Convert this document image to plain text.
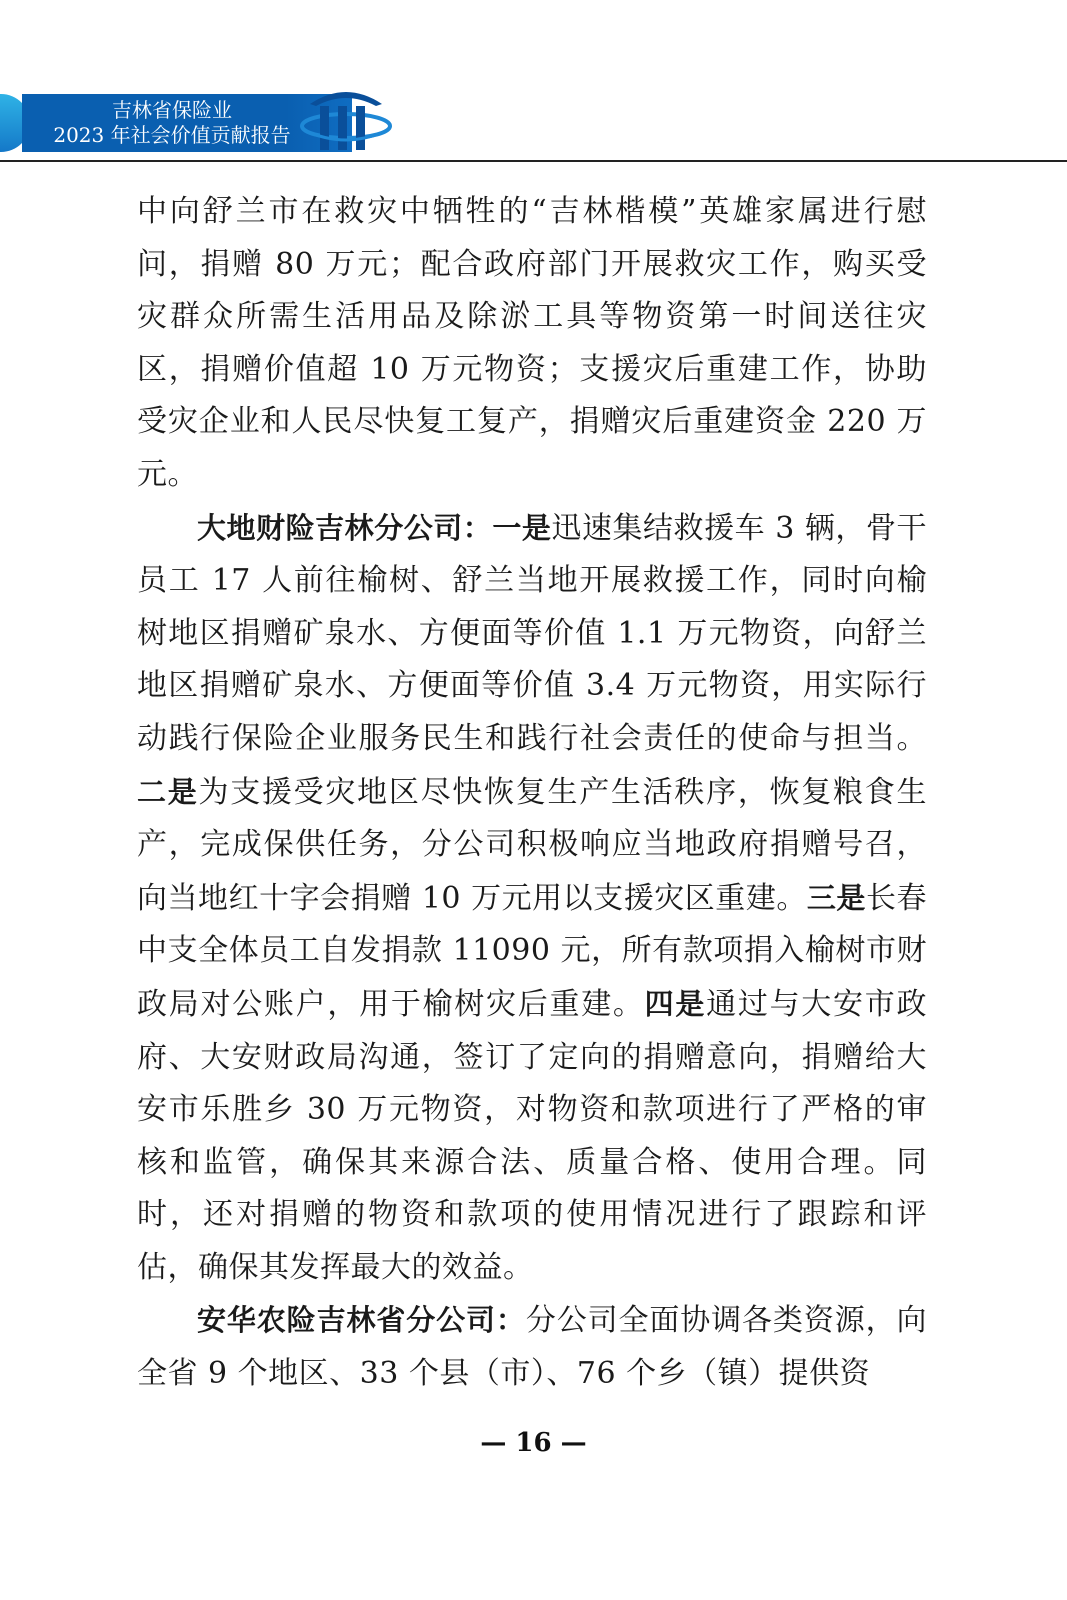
吉林省保险业
2023 年社会价值贡献报告

中向舒兰市在救灾中牺牲的“吉林楷模”英雄家属进行慰问，捐赠 80 万元；配合政府部门开展救灾工作，购买受灾群众所需生活用品及除淤工具等物资第一时间送往灾区，捐赠价值超 10 万元物资；支援灾后重建工作，协助受灾企业和人民尽快复工复产，捐赠灾后重建资金 220 万元。

大地财险吉林分公司：一是迅速集结救援车 3 辆，骨干员工 17 人前往榆树、舒兰当地开展救援工作，同时向榆树地区捐赠矿泉水、方便面等价值 1.1 万元物资，向舒兰地区捐赠矿泉水、方便面等价值 3.4 万元物资，用实际行动践行保险企业服务民生和践行社会责任的使命与担当。二是为支援受灾地区尽快恢复生产生活秩序，恢复粮食生产，完成保供任务，分公司积极响应当地政府捐赠号召，向当地红十字会捐赠 10 万元用以支援灾区重建。三是长春中支全体员工自发捐款 11090 元，所有款项捐入榆树市财政局对公账户，用于榆树灾后重建。四是通过与大安市政府、大安财政局沟通，签订了定向的捐赠意向，捐赠给大安市乐胜乡 30 万元物资，对物资和款项进行了严格的审核和监管，确保其来源合法、质量合格、使用合理。同时，还对捐赠的物资和款项的使用情况进行了跟踪和评估，确保其发挥最大的效益。

安华农险吉林省分公司：分公司全面协调各类资源，向全省 9 个地区、33 个县（市）、76 个乡（镇）提供资

— 16 —
